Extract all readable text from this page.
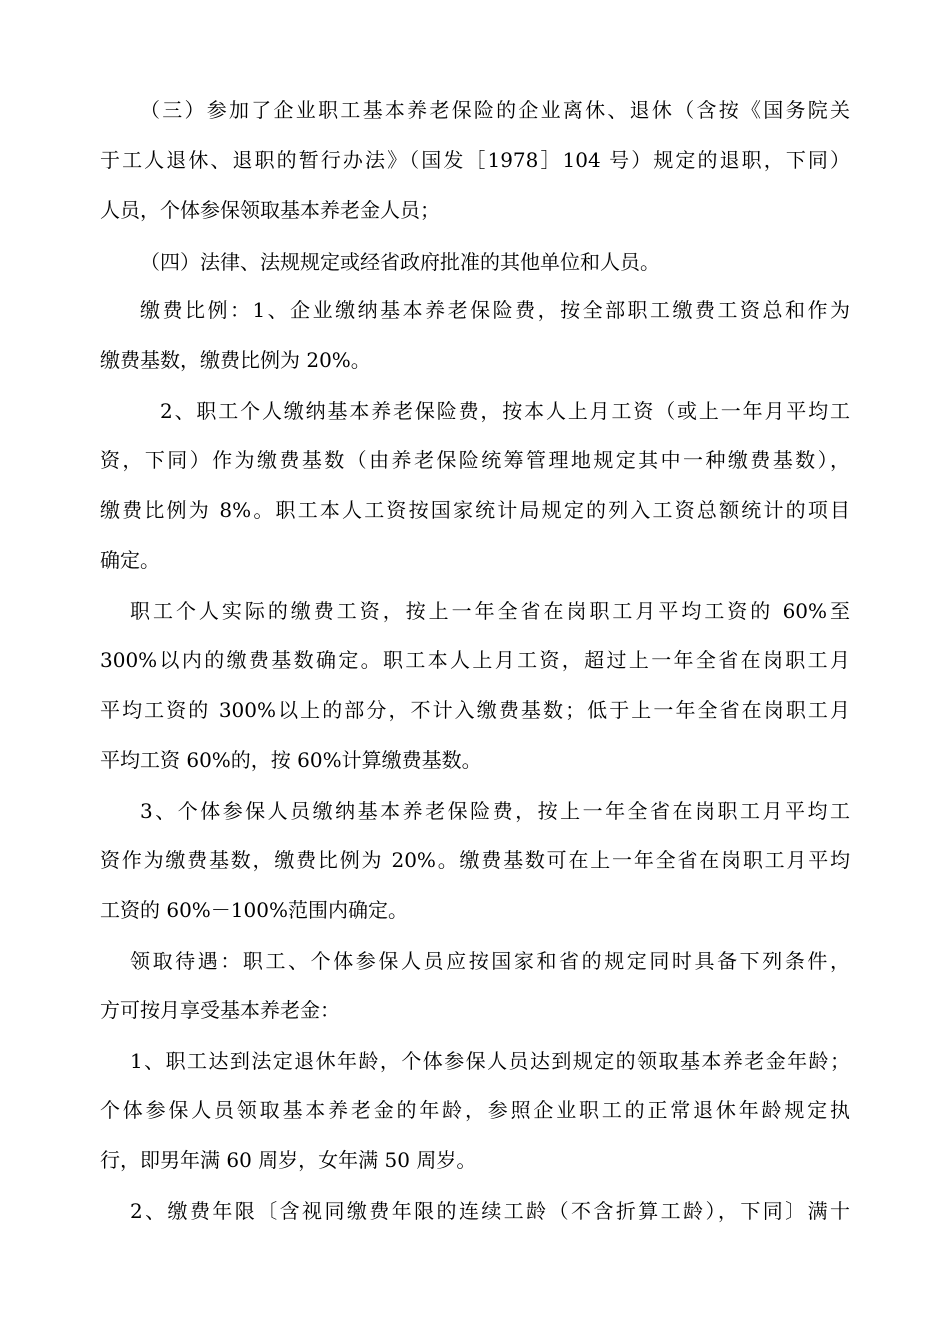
（三）参加了企业职工基本养老保险的企业离休、退休（含按《国务院关
于工人退休、退职的暂行办法》（国发［1978］104 号）规定的退职，下同）
人员，个体参保领取基本养老金人员；
（四）法律、法规规定或经省政府批准的其他单位和人员。
缴费比例：1、企业缴纳基本养老保险费，按全部职工缴费工资总和作为
缴费基数，缴费比例为 20%。
2、职工个人缴纳基本养老保险费，按本人上月工资（或上一年月平均工
资，下同）作为缴费基数（由养老保险统筹管理地规定其中一种缴费基数），
缴费比例为 8%。职工本人工资按国家统计局规定的列入工资总额统计的项目
确定。
职工个人实际的缴费工资，按上一年全省在岗职工月平均工资的 60%至
300%以内的缴费基数确定。职工本人上月工资，超过上一年全省在岗职工月
平均工资的 300%以上的部分，不计入缴费基数；低于上一年全省在岗职工月
平均工资 60%的，按 60%计算缴费基数。
3、个体参保人员缴纳基本养老保险费，按上一年全省在岗职工月平均工
资作为缴费基数，缴费比例为 20%。缴费基数可在上一年全省在岗职工月平均
工资的 60%－100%范围内确定。
领取待遇：职工、个体参保人员应按国家和省的规定同时具备下列条件，
方可按月享受基本养老金：
1、职工达到法定退休年龄，个体参保人员达到规定的领取基本养老金年龄；
个体参保人员领取基本养老金的年龄，参照企业职工的正常退休年龄规定执
行，即男年满 60 周岁，女年满 50 周岁。
2、缴费年限〔含视同缴费年限的连续工龄（不含折算工龄），下同〕满十
